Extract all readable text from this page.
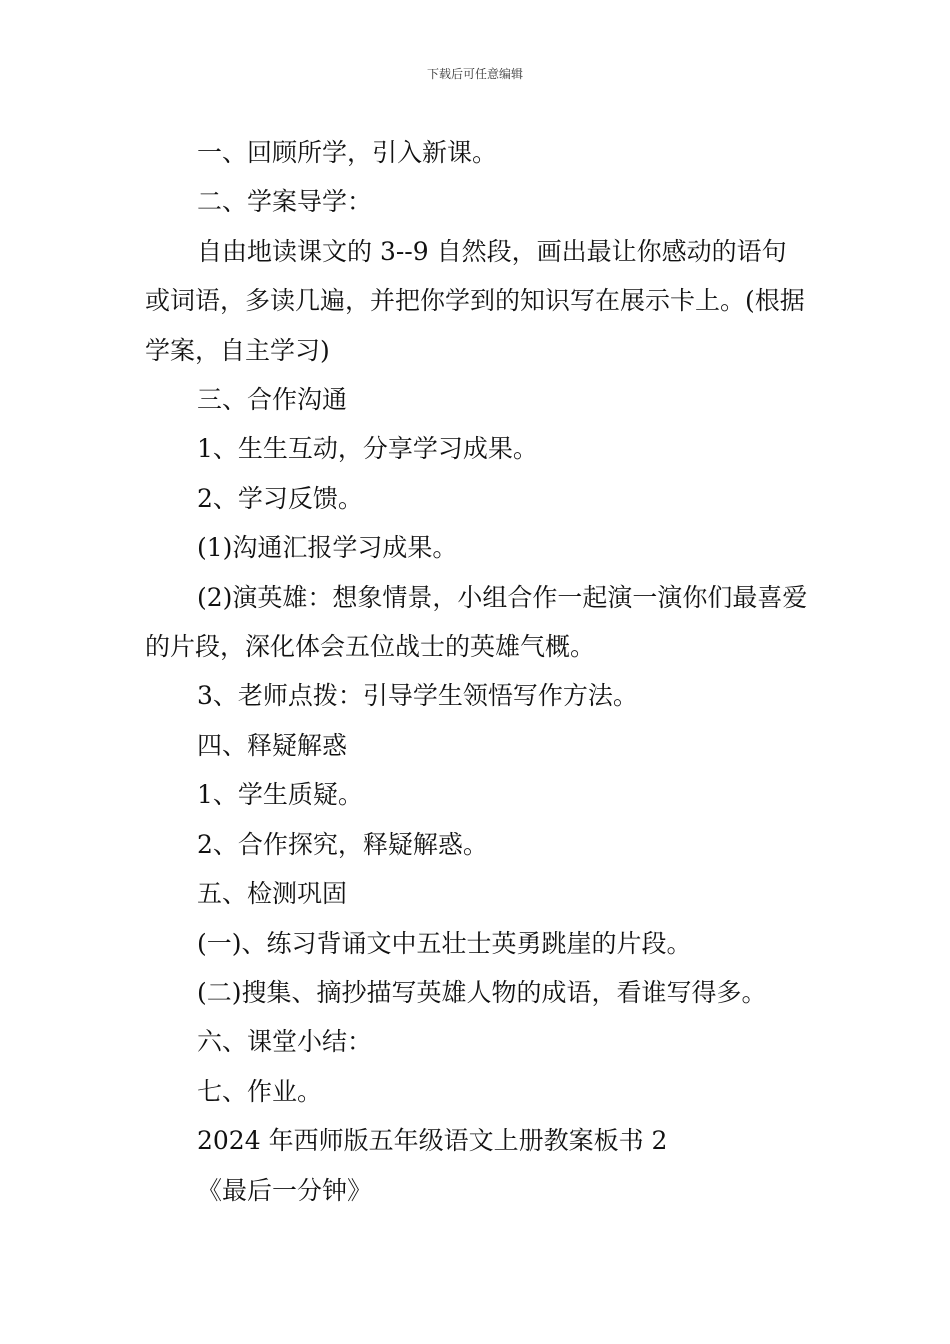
下载后可任意编辑

一、回顾所学，引入新课。

二、学案导学：

自由地读课文的 3--9 自然段，画出最让你感动的语句或词语，多读几遍，并把你学到的知识写在展示卡上。(根据学案，自主学习)

三、合作沟通

1、生生互动，分享学习成果。

2、学习反馈。

(1)沟通汇报学习成果。

(2)演英雄：想象情景，小组合作一起演一演你们最喜爱的片段，深化体会五位战士的英雄气概。

3、老师点拨：引导学生领悟写作方法。

四、释疑解惑

1、学生质疑。

2、合作探究，释疑解惑。

五、检测巩固

(一)、练习背诵文中五壮士英勇跳崖的片段。

(二)搜集、摘抄描写英雄人物的成语，看谁写得多。

六、课堂小结：

七、作业。

2024 年西师版五年级语文上册教案板书 2

《最后一分钟》
